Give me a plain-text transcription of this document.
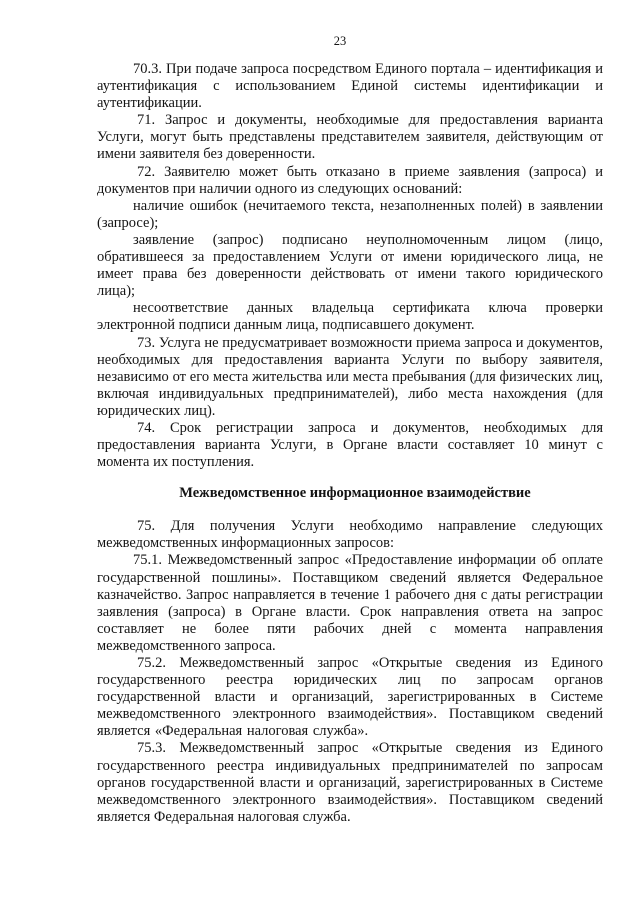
23

70.3. При подаче запроса посредством Единого портала – идентификация и аутентификация с использованием Единой системы идентификации и аутентификации.

71. Запрос и документы, необходимые для предоставления варианта Услуги, могут быть представлены представителем заявителя, действующим от имени заявителя без доверенности.

72. Заявителю может быть отказано в приеме заявления (запроса) и документов при наличии одного из следующих оснований:

наличие ошибок (нечитаемого текста, незаполненных полей) в заявлении (запросе);

заявление (запрос) подписано неуполномоченным лицом (лицо, обратившееся за предоставлением Услуги от имени юридического лица, не имеет права без доверенности действовать от имени такого юридического лица);

несоответствие данных владельца сертификата ключа проверки электронной подписи данным лица, подписавшего документ.

73. Услуга не предусматривает возможности приема запроса и документов, необходимых для предоставления варианта Услуги по выбору заявителя, независимо от его места жительства или места пребывания (для физических лиц, включая индивидуальных предпринимателей), либо места нахождения (для юридических лиц).

74. Срок регистрации запроса и документов, необходимых для предоставления варианта Услуги, в Органе власти составляет 10 минут с момента их поступления.

Межведомственное информационное взаимодействие

75. Для получения Услуги необходимо направление следующих межведомственных информационных запросов:

75.1. Межведомственный запрос «Предоставление информации об оплате государственной пошлины». Поставщиком сведений является Федеральное казначейство. Запрос направляется в течение 1 рабочего дня с даты регистрации заявления (запроса) в Органе власти. Срок направления ответа на запрос составляет не более пяти рабочих дней с момента направления межведомственного запроса.

75.2. Межведомственный запрос «Открытые сведения из Единого государственного реестра юридических лиц по запросам органов государственной власти и организаций, зарегистрированных в Системе межведомственного электронного взаимодействия». Поставщиком сведений является «Федеральная налоговая служба».

75.3. Межведомственный запрос «Открытые сведения из Единого государственного реестра индивидуальных предпринимателей по запросам органов государственной власти и организаций, зарегистрированных в Системе межведомственного электронного взаимодействия». Поставщиком сведений является Федеральная налоговая служба.
